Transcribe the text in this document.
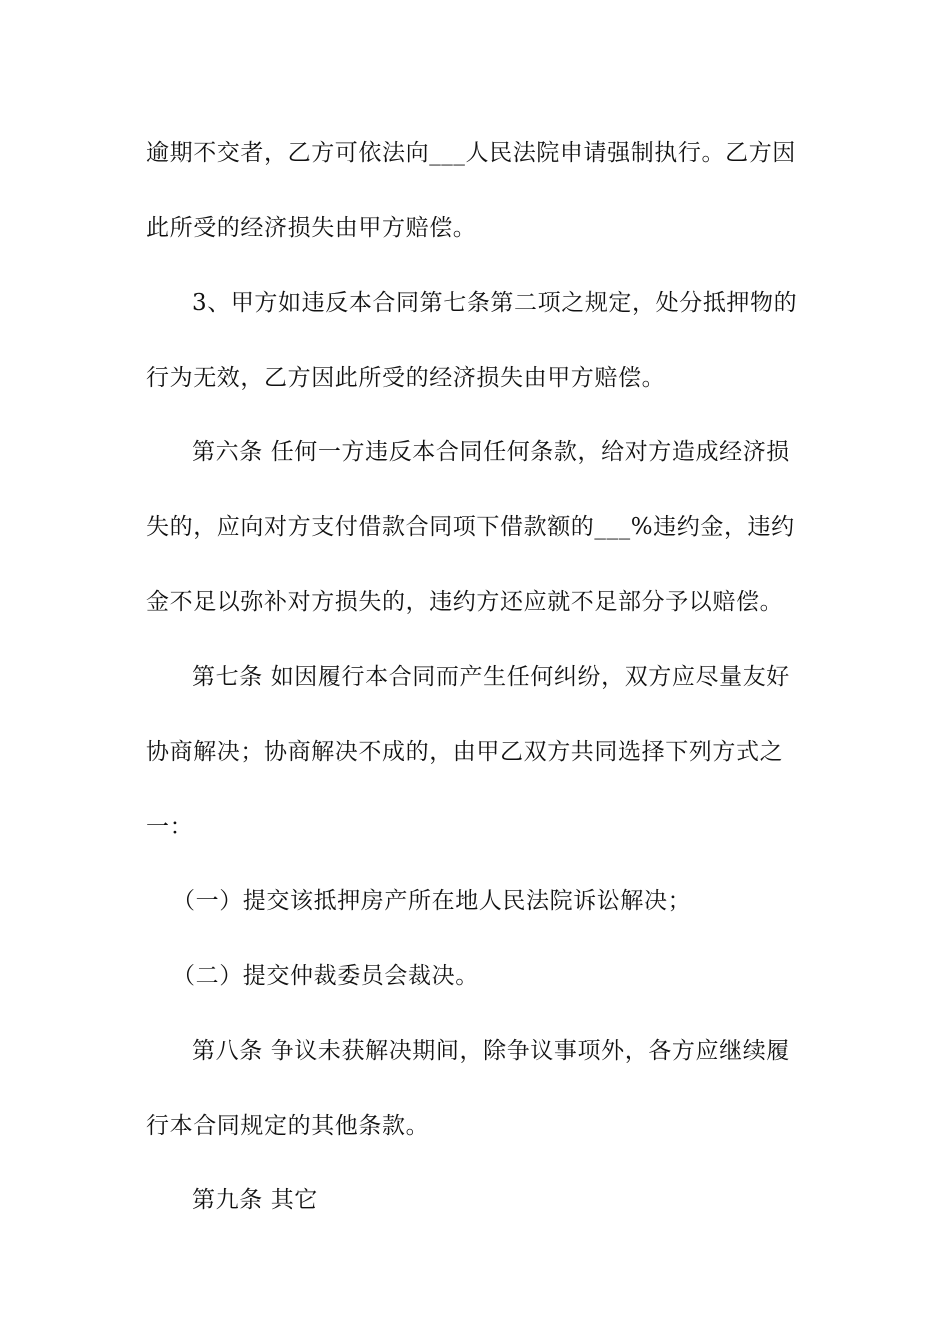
逾期不交者，乙方可依法向___人民法院申请强制执行。乙方因
此所受的经济损失由甲方赔偿。
3、甲方如违反本合同第七条第二项之规定，处分抵押物的
行为无效，乙方因此所受的经济损失由甲方赔偿。
第六条 任何一方违反本合同任何条款，给对方造成经济损
失的，应向对方支付借款合同项下借款额的___%违约金，违约
金不足以弥补对方损失的，违约方还应就不足部分予以赔偿。
第七条 如因履行本合同而产生任何纠纷，双方应尽量友好
协商解决；协商解决不成的，由甲乙双方共同选择下列方式之
一：
（一）提交该抵押房产所在地人民法院诉讼解决；
（二）提交仲裁委员会裁决。
第八条 争议未获解决期间，除争议事项外，各方应继续履
行本合同规定的其他条款。
第九条 其它
